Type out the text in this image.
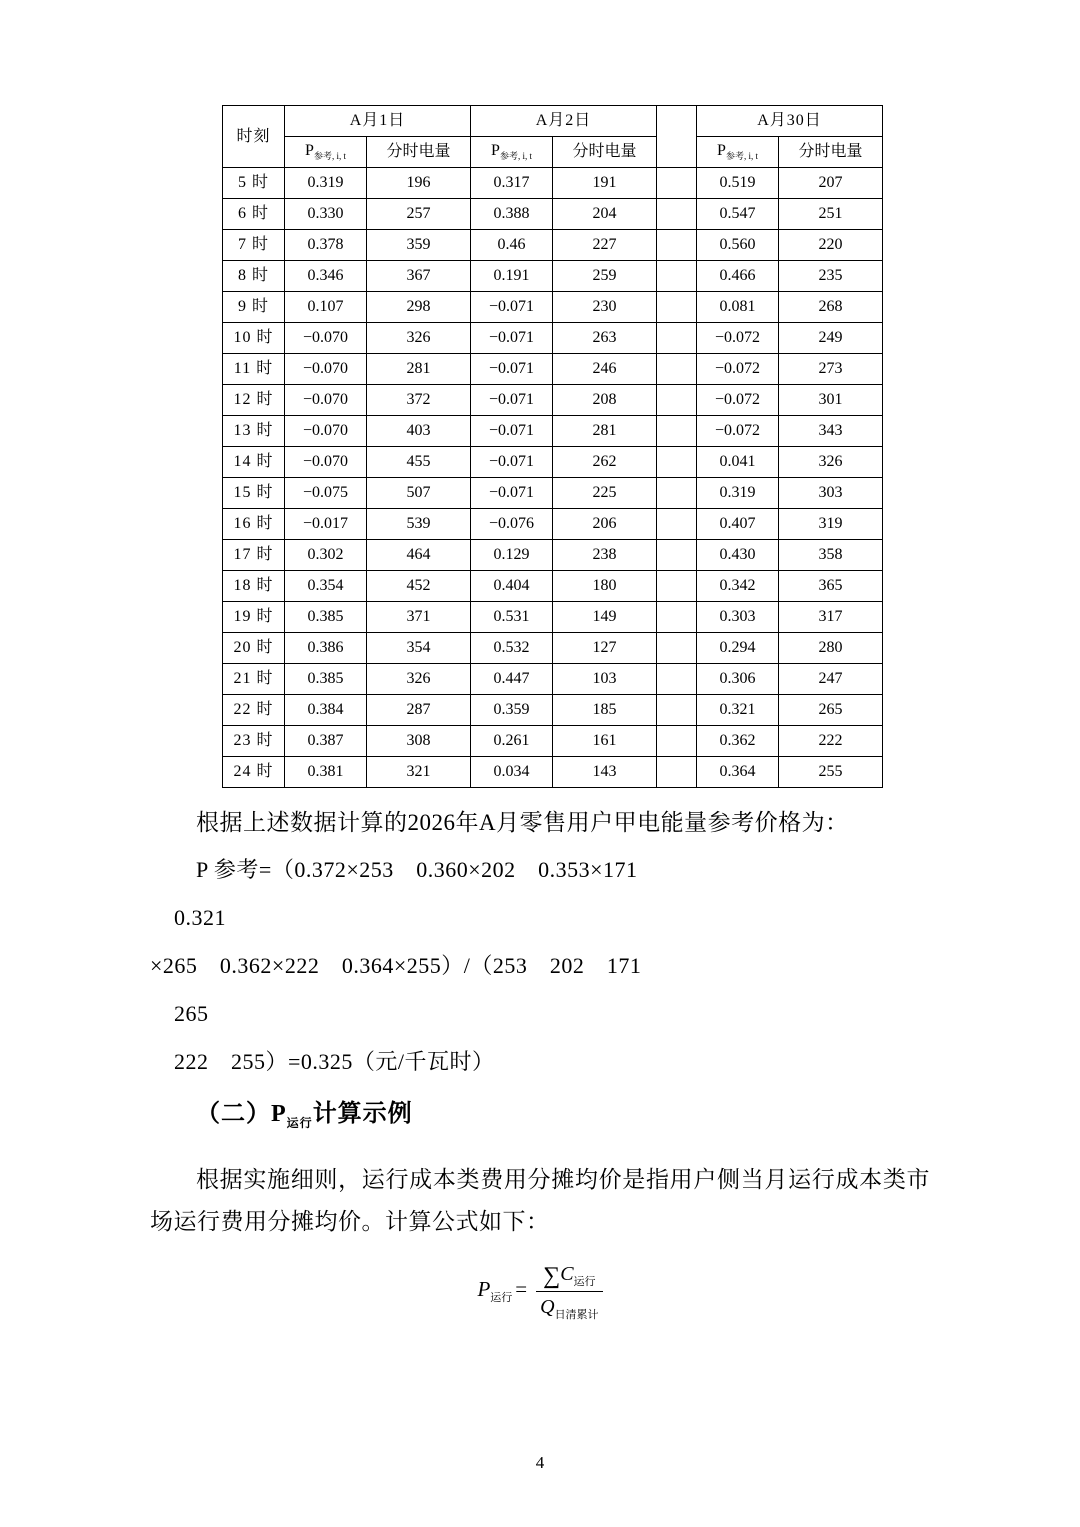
时刻	A月1日		A月2日			A月30日	
	$P_{参考, i, t}$	分时电量	$P_{参考, i, t}$	分时电量		$P_{参考, i, t}$	分时电量
5 时	0.319	196	0.317	191		0.519	207
6 时	0.330	257	0.388	204		0.547	251
7 时	0.378	359	0.46	227		0.560	220
8 时	0.346	367	0.191	259		0.466	235
9 时	0.107	298	−0.071	230		0.081	268
10 时	−0.070	326	−0.071	263		−0.072	249
11 时	−0.070	281	−0.071	246		−0.072	273
12 时	−0.070	372	−0.071	208		−0.072	301
13 时	−0.070	403	−0.071	281		−0.072	343
14 时	−0.070	455	−0.071	262		0.041	326
15 时	−0.075	507	−0.071	225		0.319	303
16 时	−0.017	539	−0.076	206		0.407	319
17 时	0.302	464	0.129	238		0.430	358
18 时	0.354	452	0.404	180		0.342	365
19 时	0.385	371	0.531	149		0.303	317
20 时	0.386	354	0.532	127		0.294	280
21 时	0.385	326	0.447	103		0.306	247
22 时	0.384	287	0.359	185		0.321	265
23 时	0.387	308	0.261	161		0.362	222
24 时	0.381	321	0.034	143		0.364	255

根据上述数据计算的2026年A月零售用户甲电能量参考价格为：

P 参考=（0.372×253　0.360×202　0.353×171
0.321
×265　0.362×222　0.364×255）/（253　202　171
265
222　255）=0.325（元/千瓦时）
（二）$P_{运行}$计算示例

根据实施细则，运行成本类费用分摊均价是指用户侧当月运行成本类市场运行费用分摊均价。计算公式如下：

$P_{运行} = \frac{\sum C_{运行}}{Q_{日清累计}}$
4
